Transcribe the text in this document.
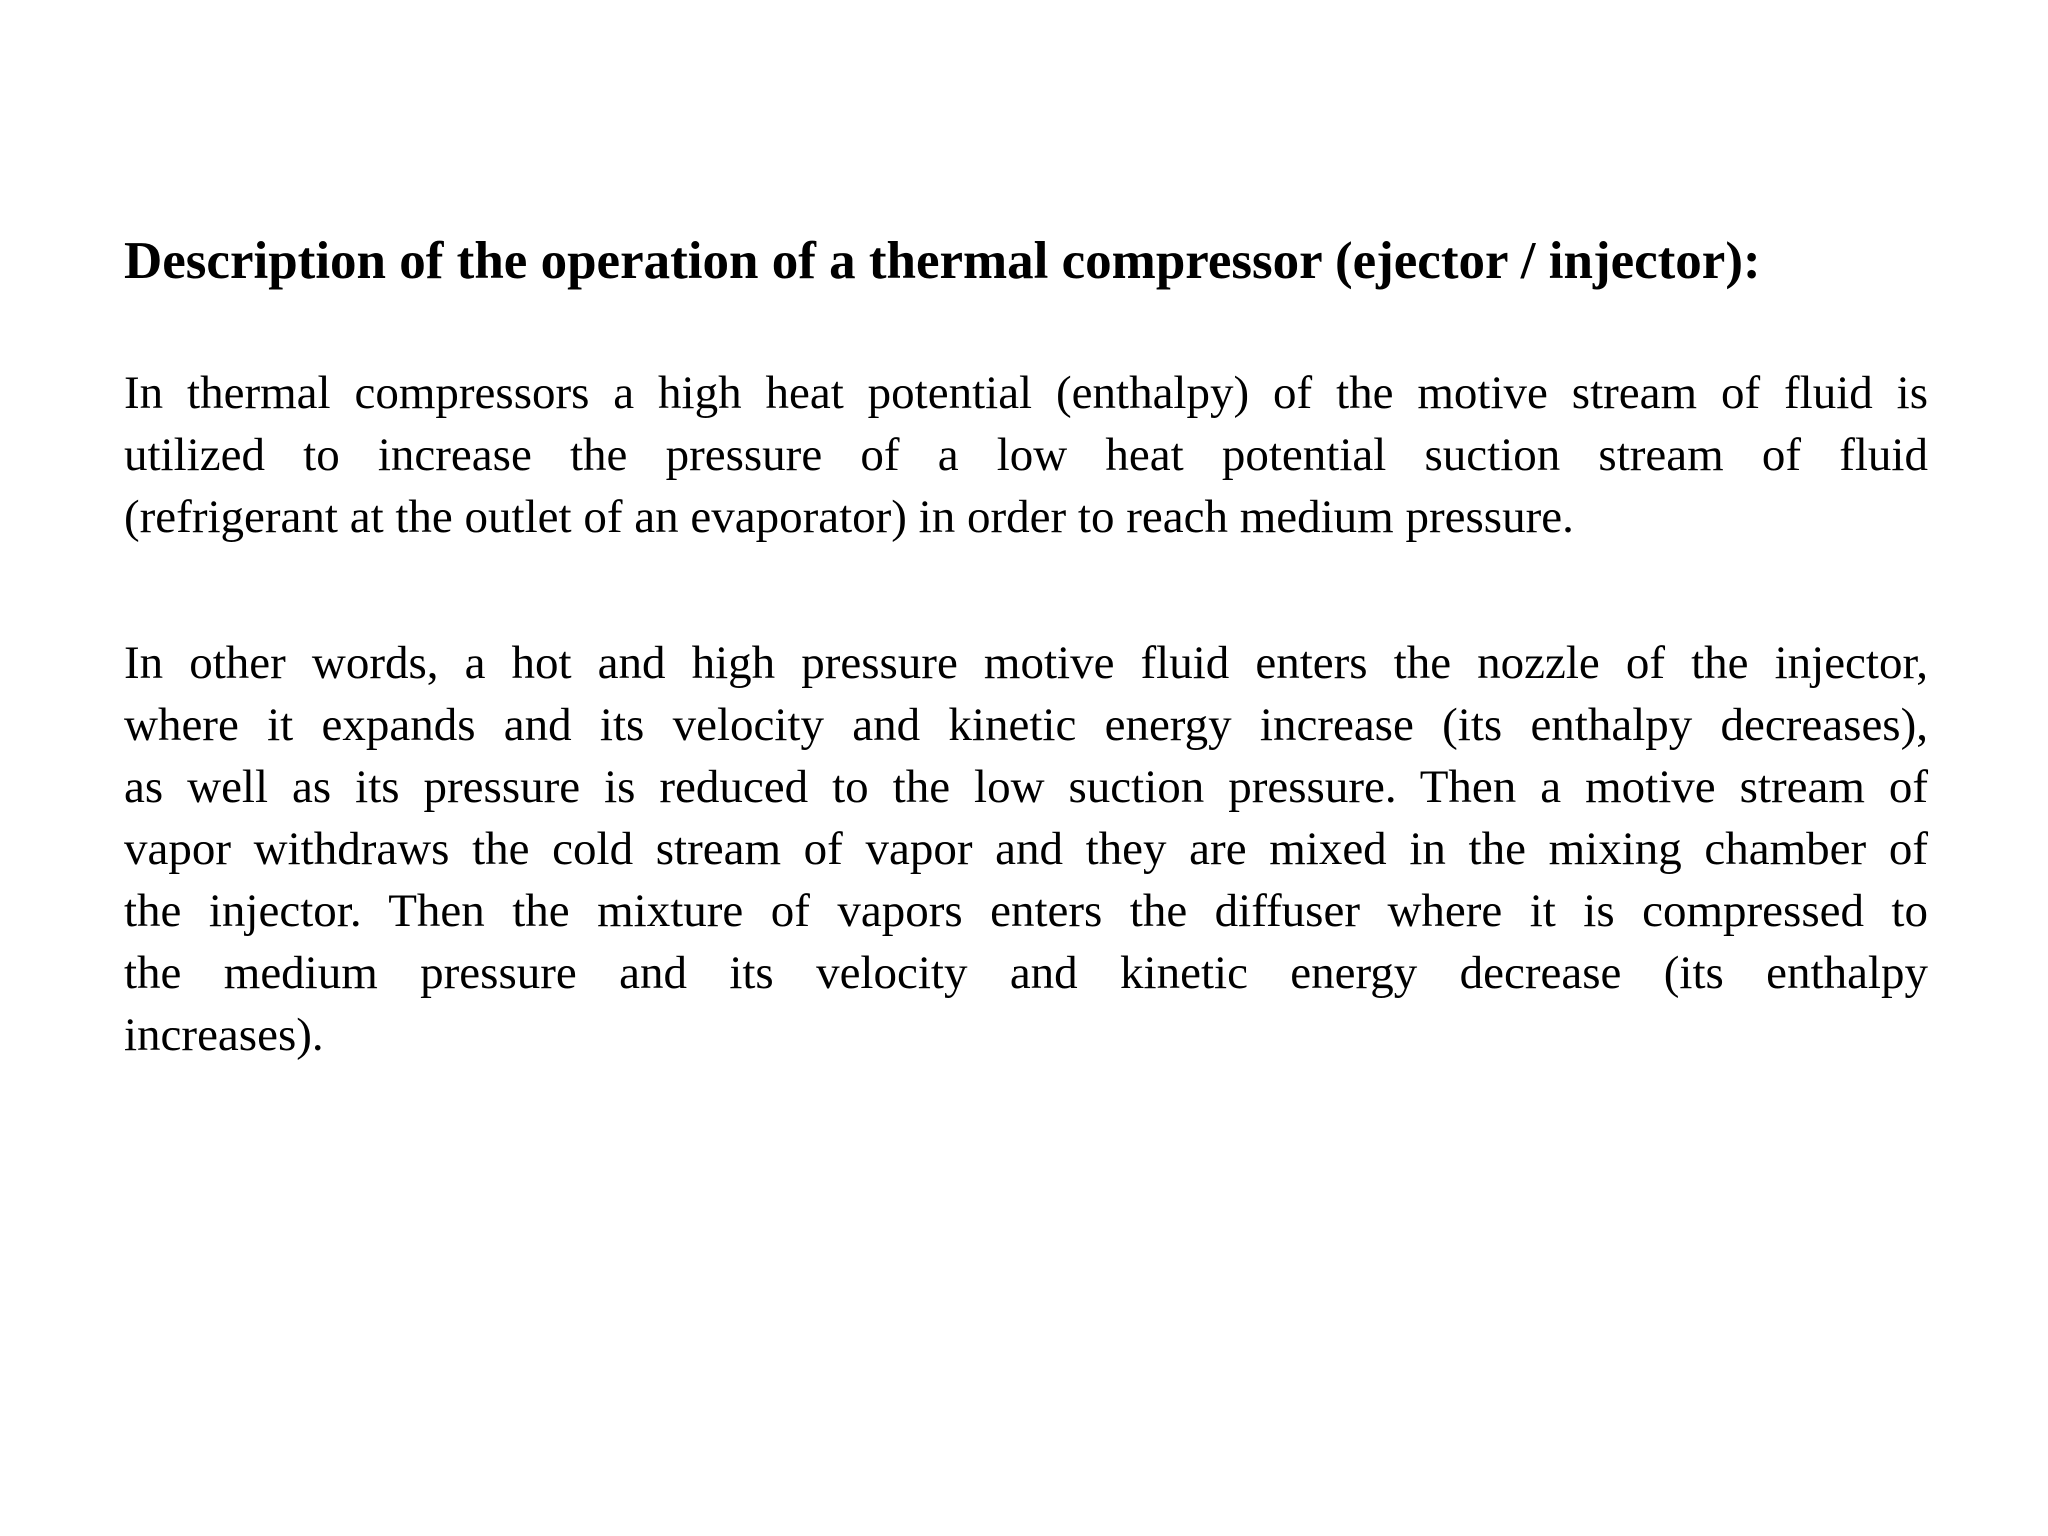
Description of the operation of a thermal compressor (ejector / injector):
In thermal compressors a high heat potential (enthalpy) of the motive stream of fluid is
utilized to increase the pressure of a low heat potential suction stream of fluid
(refrigerant at the outlet of an evaporator) in order to reach medium pressure.
In other words, a hot and high pressure motive fluid enters the nozzle of the injector,
where it expands and its velocity and kinetic energy increase (its enthalpy decreases),
as well as its pressure is reduced to the low suction pressure. Then a motive stream of
vapor withdraws the cold stream of vapor and they are mixed in the mixing chamber of
the injector. Then the mixture of vapors enters the diffuser where it is compressed to
the medium pressure and its velocity and kinetic energy decrease (its enthalpy
increases).
